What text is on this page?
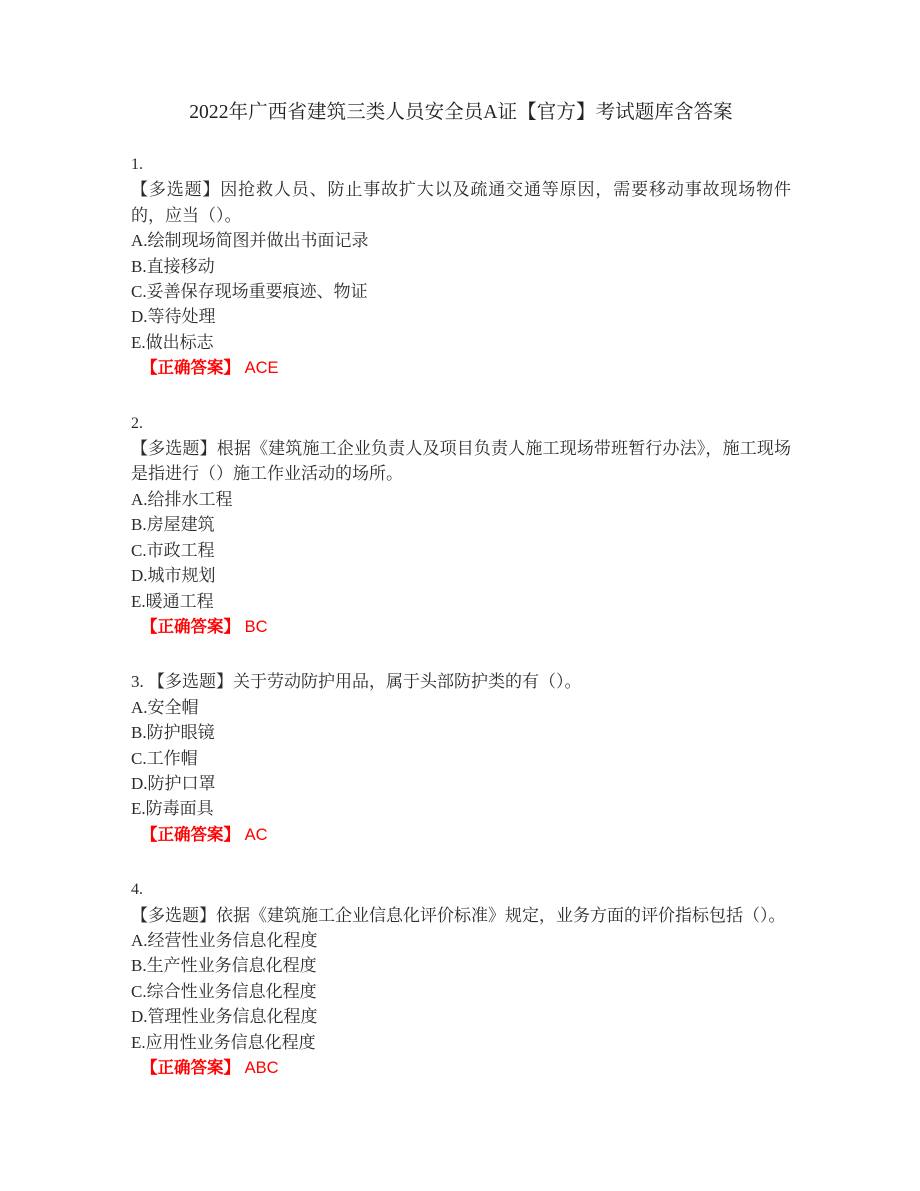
2022年广西省建筑三类人员安全员A证【官方】考试题库含答案
1.
【多选题】因抢救人员、防止事故扩大以及疏通交通等原因，需要移动事故现场物件的，应当（）。
A.绘制现场简图并做出书面记录
B.直接移动
C.妥善保存现场重要痕迹、物证
D.等待处理
E.做出标志
【正确答案】 ACE
2.
【多选题】根据《建筑施工企业负责人及项目负责人施工现场带班暂行办法》，施工现场是指进行（）施工作业活动的场所。
A.给排水工程
B.房屋建筑
C.市政工程
D.城市规划
E.暖通工程
【正确答案】 BC
3. 【多选题】关于劳动防护用品，属于头部防护类的有（）。
A.安全帽
B.防护眼镜
C.工作帽
D.防护口罩
E.防毒面具
【正确答案】 AC
4.
【多选题】依据《建筑施工企业信息化评价标准》规定，业务方面的评价指标包括（）。
A.经营性业务信息化程度
B.生产性业务信息化程度
C.综合性业务信息化程度
D.管理性业务信息化程度
E.应用性业务信息化程度
【正确答案】 ABC
